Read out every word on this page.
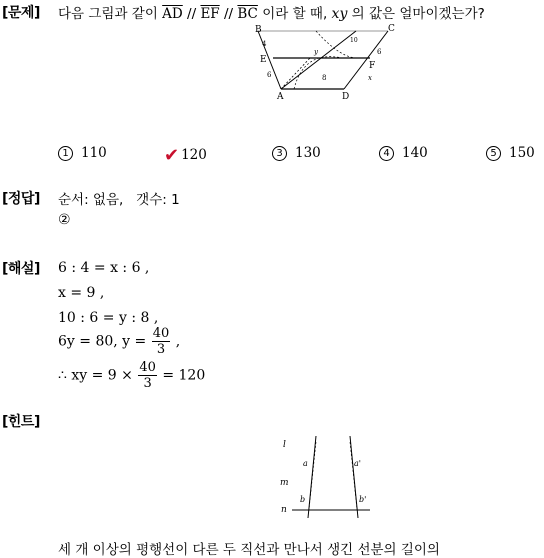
[문제] 다음 그림과 같이 $\overline{AD} // \overline{EF} // \overline{BC}$ 이라 할 때, xy 의 값은 얼마이겠는가?
B	C
E
F
A	D
4
6
6
y
8	x
10
1 110	✔ 120	3 130	4 140	5 150
[정답] 순서: 없음,   갯수: 1
②
[해설] 6 : 4 = x : 6 ,
x = 9 ,
10 : 6 = y : 8 ,
6y = 80, $y = \frac{40}{3}$ ,
∴ xy = $9 \times \frac{40}{3} = 120$
[힌트]
l
m
n
a	a'
b	b'
세 개 이상의 평행선이 다른 두 직선과 만나서 생긴 선분의 길이의
